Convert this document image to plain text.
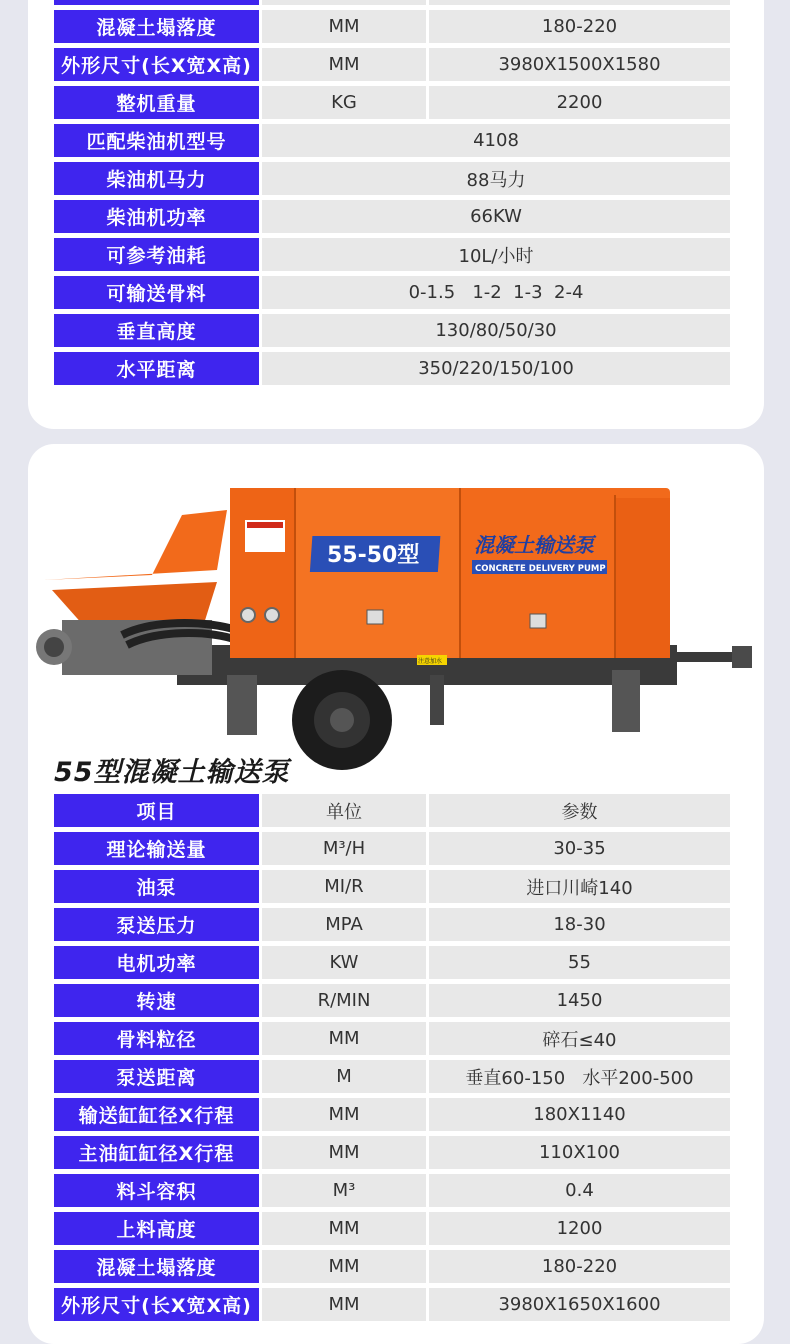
混凝土塌落度	MM	180-220
外形尺寸(长X宽X高)	MM	3980X1500X1580
整机重量	KG	2200
匹配柴油机型号	4108	
柴油机马力	88马力	
柴油机功率	66KW	
可参考油耗	10L/小时	
可输送骨料	0-1.5   1-2  1-3  2-4	
垂直高度	130/80/50/30	
水平距离	350/220/150/100	
55-50型	混凝土输送泵
CONCRETE DELIVERY PUMP
注意加水
55型混凝土输送泵
项目	单位	参数
理论输送量	M³/H	30-35
油泵	MI/R	进口川崎140
泵送压力	MPA	18-30
电机功率	KW	55
转速	R/MIN	1450
骨料粒径	MM	碎石≤40
泵送距离	M	垂直60-150   水平200-500
输送缸缸径X行程	MM	180X1140
主油缸缸径X行程	MM	110X100
料斗容积	M³	0.4
上料高度	MM	1200
混凝土塌落度	MM	180-220
外形尺寸(长X宽X高)	MM	3980X1650X1600
